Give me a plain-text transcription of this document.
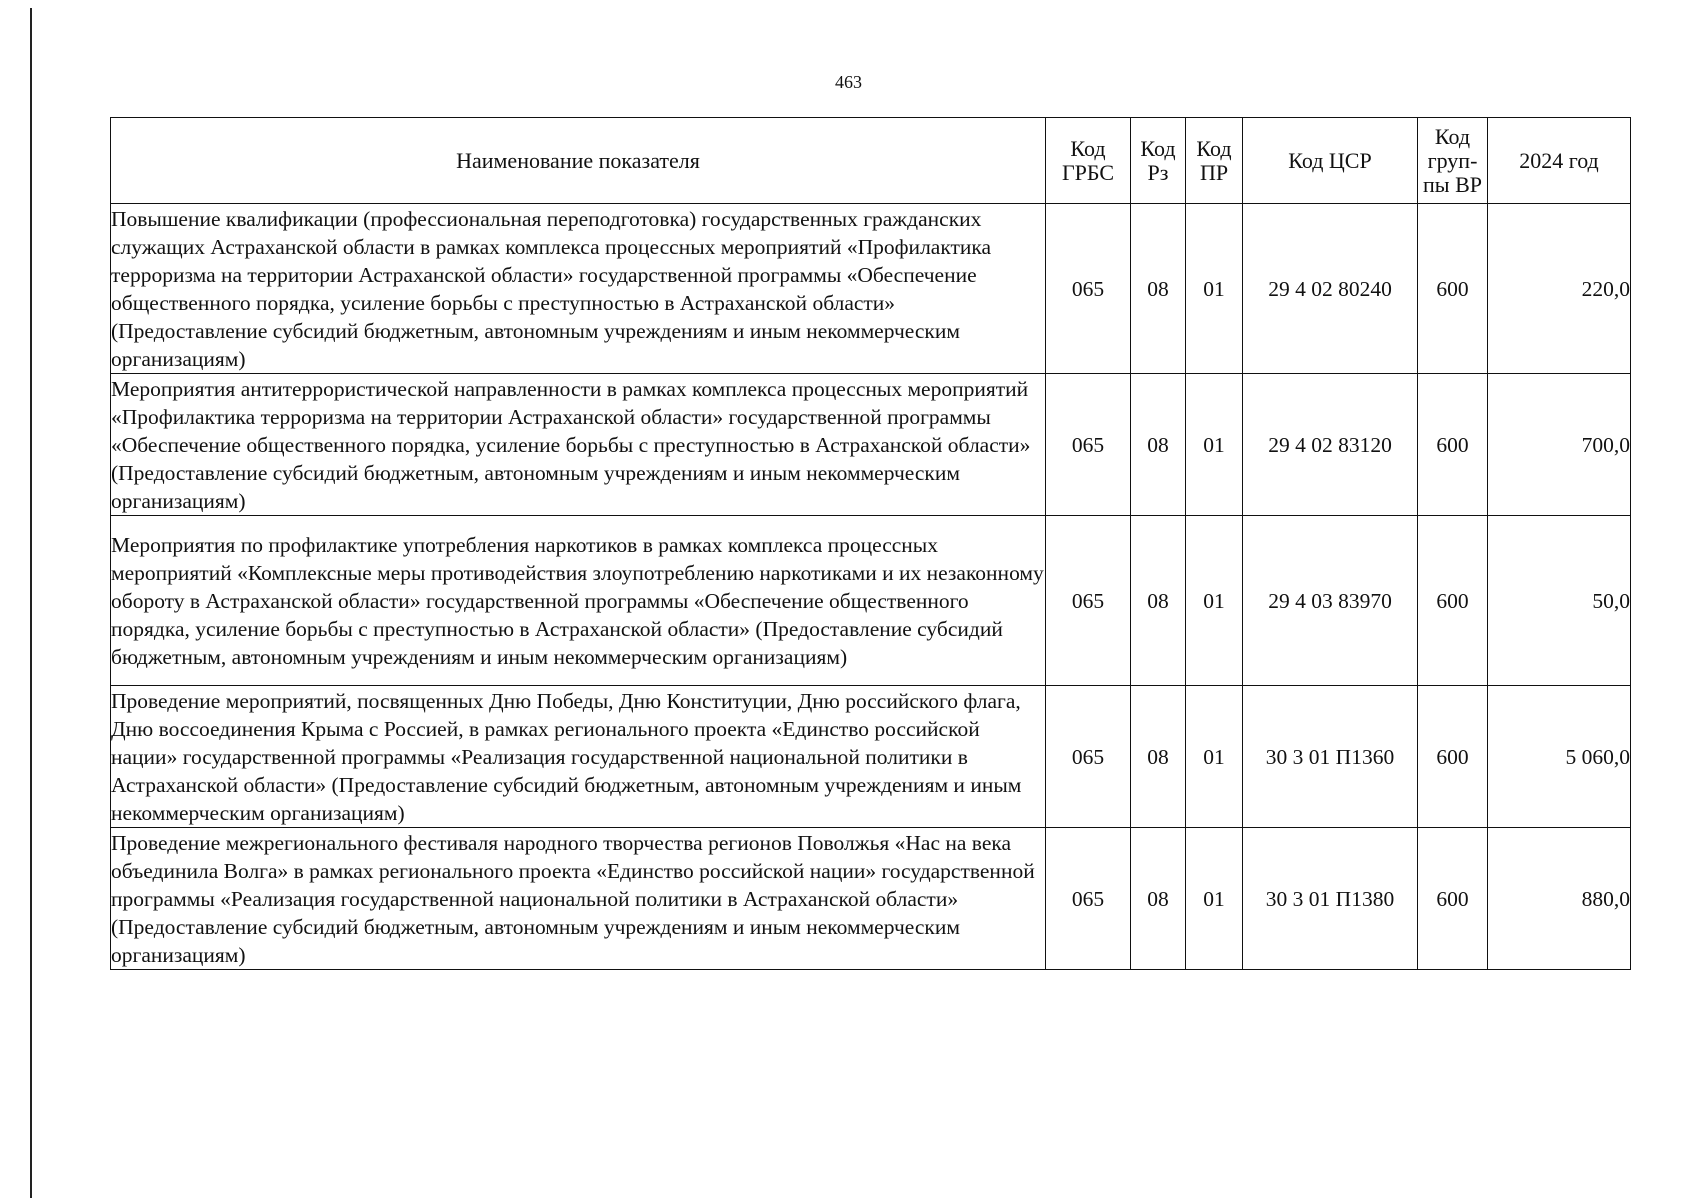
463
Наименование показателя	Код ГРБС	Код Рз	Код ПР	Код ЦСР	Код груп-пы ВР	2024 год
Повышение квалификации (профессиональная переподготовка) государственных гражданских служащих Астраханской области в рамках комплекса процессных мероприятий «Профилактика терроризма на территории Астраханской области» государственной программы «Обеспечение общественного порядка, усиление борьбы с преступностью в Астраханской области» (Предоставление субсидий бюджетным, автономным учреждениям и иным некоммерческим организациям)	065	08	01	29 4 02 80240	600	220,0
Мероприятия антитеррористической направленности в рамках комплекса процессных мероприятий «Профилактика терроризма на территории Астраханской области» государственной программы «Обеспечение общественного порядка, усиление борьбы с преступностью в Астраханской области» (Предоставление субсидий бюджетным, автономным учреждениям и иным некоммерческим организациям)	065	08	01	29 4 02 83120	600	700,0
Мероприятия по профилактике употребления наркотиков в рамках комплекса процессных мероприятий «Комплексные меры противодействия злоупотреблению наркотиками и их незаконному обороту в Астраханской области» государственной программы «Обеспечение общественного порядка, усиление борьбы с преступностью в Астраханской области» (Предоставление субсидий бюджетным, автономным учреждениям и иным некоммерческим организациям)	065	08	01	29 4 03 83970	600	50,0
Проведение мероприятий, посвященных Дню Победы, Дню Конституции, Дню российского флага, Дню воссоединения Крыма с Россией, в рамках регионального проекта «Единство российской нации» государственной программы «Реализация государственной национальной политики в Астраханской области» (Предоставление субсидий бюджетным, автономным учреждениям и иным некоммерческим организациям)	065	08	01	30 3 01 П1360	600	5 060,0
Проведение межрегионального фестиваля народного творчества регионов Поволжья «Нас на века объединила Волга» в рамках регионального проекта «Единство российской нации» государственной программы «Реализация государственной национальной политики в Астраханской области» (Предоставление субсидий бюджетным, автономным учреждениям и иным некоммерческим организациям)	065	08	01	30 3 01 П1380	600	880,0
